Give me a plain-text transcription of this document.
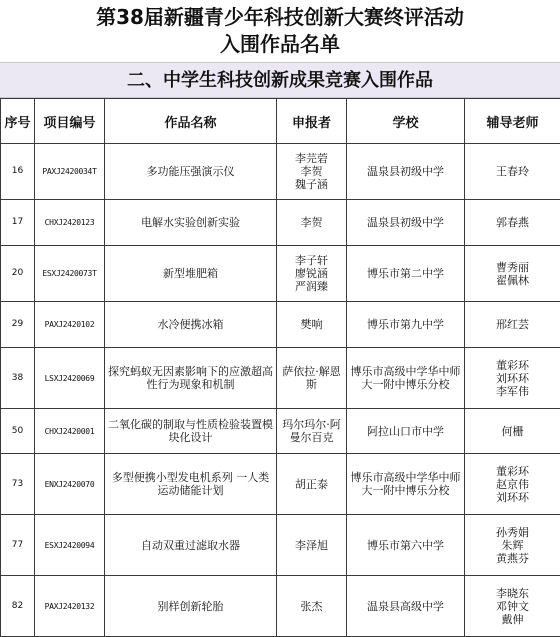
第38届新疆青少年科技创新大赛终评活动
入围作品名单
二、中学生科技创新成果竞赛入围作品
序号	项目编号	作品名称	申报者	学校	辅导老师
16	PAXJ2420034T	多功能压强演示仪	李芫菪
李贺
魏子涵	温泉县初级中学	王春玲

17	CHXJ2420123	电解水实验创新实验	李贺	温泉县初级中学	郭春燕

20	ESXJ2420073T	新型堆肥箱	李子轩
廖锐涵
严润臻	博乐市第二中学	曹秀丽
翟佩林

29	PAXJ2420102	水冷便携冰箱	樊响	博乐市第九中学	邢红芸

38	LSXJ2420069	探究蚂蚁无因素影响下的应激超高性行为现象和机制	萨依拉·解恩斯	博乐市高级中学华中师大一附中博乐分校	董彩环
刘环环
李军伟

50	CHXJ2420001	二氧化碳的制取与性质检验装置模块化设计	玛尔玛尔·阿曼尔百克	阿拉山口市中学	何栅

73	ENXJ2420070	多型便携小型发电机系列 一人类运动储能计划	胡正泰	博乐市高级中学华中师大一附中博乐分校	董彩环
赵京伟
刘环环

77	ESXJ2420094	自动双重过滤取水器	李泽旭	博乐市第六中学	孙秀娟
朱辉
黄燕芬

82	PAXJ2420132	别样创新轮胎	张杰	温泉县高级中学	李晓东
邓钟文
戴伸
